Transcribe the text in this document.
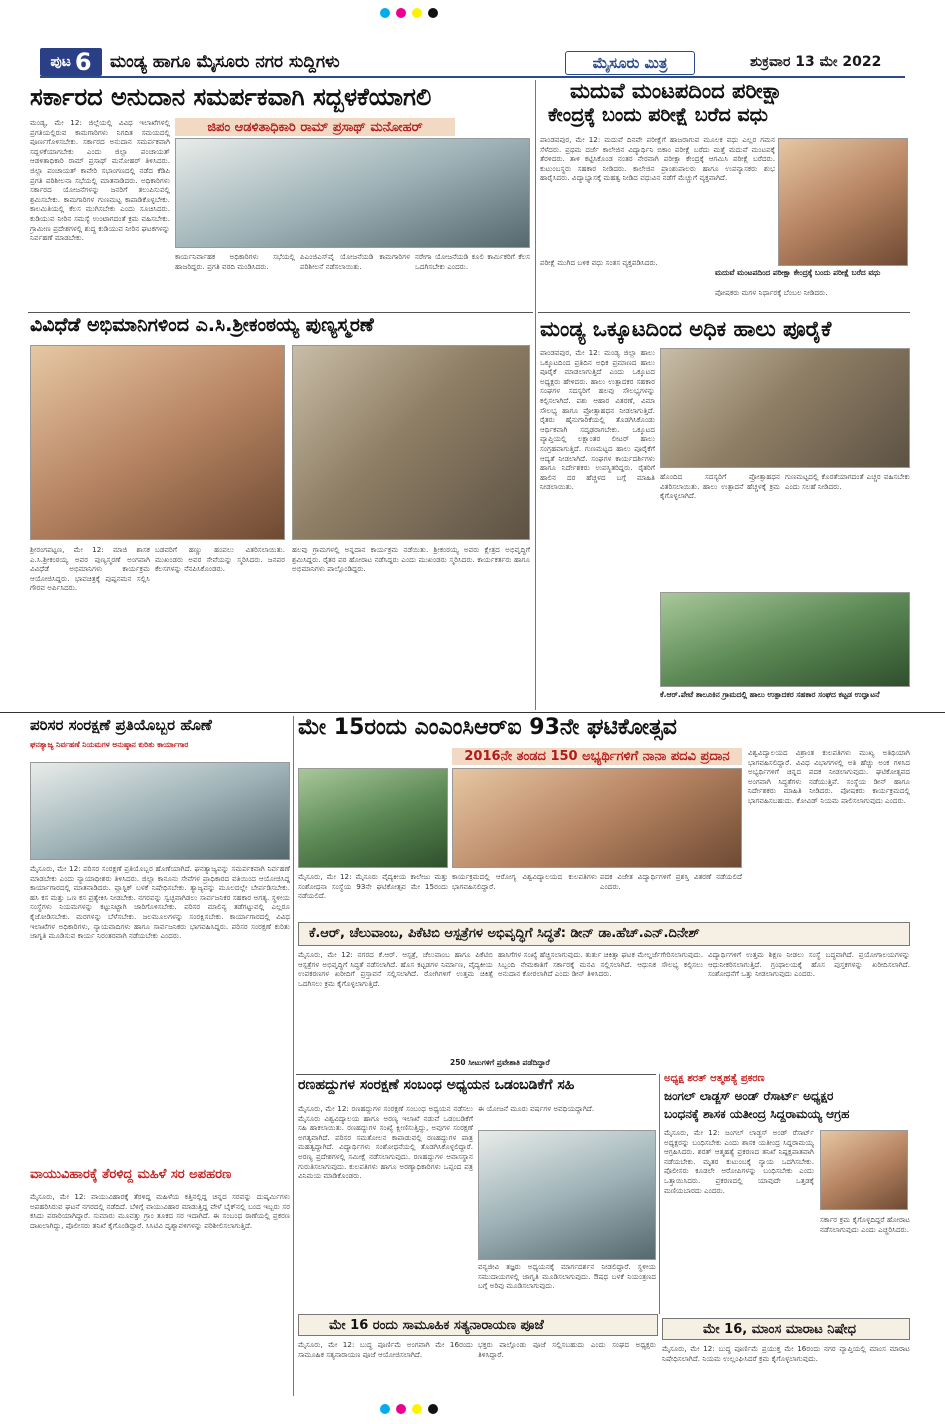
ಪುಟ 6 ಮಂಡ್ಯ ಹಾಗೂ ಮೈಸೂರು ನಗರ ಸುದ್ದಿಗಳು	ಮೈಸೂರು ಮಿತ್ರ	ಶುಕ್ರವಾರ 13 ಮೇ 2022
ಸರ್ಕಾರದ ಅನುದಾನ ಸಮರ್ಪಕವಾಗಿ ಸದ್ಬಳಕೆಯಾಗಲಿ
ಜಿಪಂ ಆಡಳಿತಾಧಿಕಾರಿ ರಾಮ್ ಪ್ರಸಾಥ್ ಮನೋಹರ್
ಮಂಡ್ಯ, ಮೇ 12: ಜಿಲ್ಲೆಯಲ್ಲಿ ವಿವಿಧ ಇಲಾಖೆಗಳಲ್ಲಿ ಪ್ರಗತಿಯಲ್ಲಿರುವ ಕಾಮಗಾರಿಗಳು ನಿಗದಿತ ಸಮಯದಲ್ಲಿ ಪೂರ್ಣಗೊಳಿಸಬೇಕು. ಸರ್ಕಾರದ ಅನುದಾನ ಸಮರ್ಪಕವಾಗಿ ಸದ್ಬಳಕೆಯಾಗಬೇಕು ಎಂದು ಜಿಲ್ಲಾ ಪಂಚಾಯತ್ ಆಡಳಿತಾಧಿಕಾರಿ ರಾಮ್ ಪ್ರಸಾಥ್ ಮನೋಹರ್ ತಿಳಿಸಿದರು. ಜಿಲ್ಲಾ ಪಂಚಾಯತ್ ಕಾವೇರಿ ಸಭಾಂಗಣದಲ್ಲಿ ನಡೆದ ಕೆಡಿಪಿ ಪ್ರಗತಿ ಪರಿಶೀಲನಾ ಸಭೆಯಲ್ಲಿ ಮಾತನಾಡಿದರು. ಅಧಿಕಾರಿಗಳು ಸರ್ಕಾರದ ಯೋಜನೆಗಳನ್ನು ಜನರಿಗೆ ತಲುಪಿಸುವಲ್ಲಿ ಶ್ರಮಿಸಬೇಕು. ಕಾಮಗಾರಿಗಳ ಗುಣಮಟ್ಟ ಕಾಪಾಡಿಕೊಳ್ಳಬೇಕು. ಕಾಲಮಿತಿಯಲ್ಲಿ ಕೆಲಸ ಮುಗಿಸಬೇಕು ಎಂದು ಸೂಚಿಸಿದರು. ಕುಡಿಯುವ ನೀರಿನ ಸಮಸ್ಯೆ ಉಂಟಾಗದಂತೆ ಕ್ರಮ ವಹಿಸಬೇಕು. ಗ್ರಾಮೀಣ ಪ್ರದೇಶಗಳಲ್ಲಿ ಶುದ್ಧ ಕುಡಿಯುವ ನೀರಿನ ಘಟಕಗಳನ್ನು ನಿರ್ವಹಣೆ ಮಾಡಬೇಕು.
ಕಾರ್ಯನಿರ್ವಾಹಕ ಅಧಿಕಾರಿಗಳು ಸಭೆಯಲ್ಲಿ ಹಾಜರಿದ್ದರು. ಪ್ರಗತಿ ವರದಿ ಮಂಡಿಸಿದರು.
ಪಿಎಂಜಿಎಸ್‌ವೈ ಯೋಜನೆಯಡಿ ಕಾಮಗಾರಿಗಳ ಪರಿಶೀಲನೆ ನಡೆಸಲಾಯಿತು.
ನರೇಗಾ ಯೋಜನೆಯಡಿ ಕೂಲಿ ಕಾರ್ಮಿಕರಿಗೆ ಕೆಲಸ ಒದಗಿಸಬೇಕು ಎಂದರು.
ಮದುವೆ ಮಂಟಪದಿಂದ ಪರೀಕ್ಷಾ
ಕೇಂದ್ರಕ್ಕೆ ಬಂದು ಪರೀಕ್ಷೆ ಬರೆದ ವಧು
ಪಾಂಡವಪುರ, ಮೇ 12: ಮದುವೆ ದಿನವೇ ಪರೀಕ್ಷೆಗೆ ಹಾಜರಾಗುವ ಮೂಲಕ ವಧು ಎಲ್ಲರ ಗಮನ ಸೆಳೆದರು. ಪ್ರಥಮ ದರ್ಜೆ ಕಾಲೇಜಿನ ವಿದ್ಯಾರ್ಥಿನಿ ಬಿಕಾಂ ಪರೀಕ್ಷೆ ಬರೆದು ಮತ್ತೆ ಮದುವೆ ಮಂಟಪಕ್ಕೆ ತೆರಳಿದರು. ತಾಳಿ ಕಟ್ಟಿಸಿಕೊಂಡ ನಂತರ ನೇರವಾಗಿ ಪರೀಕ್ಷಾ ಕೇಂದ್ರಕ್ಕೆ ಆಗಮಿಸಿ ಪರೀಕ್ಷೆ ಬರೆದರು. ಕುಟುಂಬಸ್ಥರು ಸಹಕಾರ ನೀಡಿದರು. ಕಾಲೇಜಿನ ಪ್ರಾಂಶುಪಾಲರು ಹಾಗೂ ಉಪನ್ಯಾಸಕರು ಶುಭ ಹಾರೈಸಿದರು. ವಿದ್ಯಾಭ್ಯಾಸಕ್ಕೆ ಮಹತ್ವ ನೀಡಿದ ವಧುವಿನ ನಡೆಗೆ ಮೆಚ್ಚುಗೆ ವ್ಯಕ್ತವಾಗಿದೆ.
ಮದುವೆ ಮಂಟಪದಿಂದ ಪರೀಕ್ಷಾ ಕೇಂದ್ರಕ್ಕೆ ಬಂದು ಪರೀಕ್ಷೆ ಬರೆದ ವಧು
ಪರೀಕ್ಷೆ ಮುಗಿದ ಬಳಿಕ ವಧು ಸಂತಸ ವ್ಯಕ್ತಪಡಿಸಿದರು.
ಪೋಷಕರು ಮಗಳ ನಿರ್ಧಾರಕ್ಕೆ ಬೆಂಬಲ ನೀಡಿದರು.
ಮಂಡ್ಯ ಒಕ್ಕೂಟದಿಂದ ಅಧಿಕ ಹಾಲು ಪೂರೈಕೆ
ಪಾಂಡವಪುರ, ಮೇ 12: ಮಂಡ್ಯ ಜಿಲ್ಲಾ ಹಾಲು ಒಕ್ಕೂಟದಿಂದ ಪ್ರತಿದಿನ ಅಧಿಕ ಪ್ರಮಾಣದ ಹಾಲು ಪೂರೈಕೆ ಮಾಡಲಾಗುತ್ತಿದೆ ಎಂದು ಒಕ್ಕೂಟದ ಅಧ್ಯಕ್ಷರು ಹೇಳಿದರು. ಹಾಲು ಉತ್ಪಾದಕರ ಸಹಕಾರ ಸಂಘಗಳ ಸದಸ್ಯರಿಗೆ ಹಲವು ಸೌಲಭ್ಯಗಳನ್ನು ಕಲ್ಪಿಸಲಾಗಿದೆ. ಪಶು ಆಹಾರ ವಿತರಣೆ, ವಿಮಾ ಸೌಲಭ್ಯ ಹಾಗೂ ಪ್ರೋತ್ಸಾಹಧನ ನೀಡಲಾಗುತ್ತಿದೆ. ರೈತರು ಹೈನುಗಾರಿಕೆಯಲ್ಲಿ ತೊಡಗಿಸಿಕೊಂಡು ಆರ್ಥಿಕವಾಗಿ ಸದೃಢರಾಗಬೇಕು. ಒಕ್ಕೂಟದ ವ್ಯಾಪ್ತಿಯಲ್ಲಿ ಲಕ್ಷಾಂತರ ಲೀಟರ್ ಹಾಲು ಸಂಗ್ರಹವಾಗುತ್ತಿದೆ. ಗುಣಮಟ್ಟದ ಹಾಲು ಪೂರೈಕೆಗೆ ಆದ್ಯತೆ ನೀಡಲಾಗಿದೆ. ಸಂಘಗಳ ಕಾರ್ಯದರ್ಶಿಗಳು ಹಾಗೂ ನಿರ್ದೇಶಕರು ಉಪಸ್ಥಿತರಿದ್ದರು. ರೈತರಿಗೆ ಹಾಲಿನ ದರ ಹೆಚ್ಚಳದ ಬಗ್ಗೆ ಮಾಹಿತಿ ನೀಡಲಾಯಿತು.
ಹೊಂದಿದ ಸದಸ್ಯರಿಗೆ ಪ್ರೋತ್ಸಾಹಧನ ವಿತರಿಸಲಾಯಿತು. ಹಾಲು ಉತ್ಪಾದನೆ ಹೆಚ್ಚಳಕ್ಕೆ ಕ್ರಮ ಕೈಗೊಳ್ಳಲಾಗಿದೆ.
ಗುಣಮಟ್ಟದಲ್ಲಿ ಕೊರತೆಯಾಗದಂತೆ ಎಚ್ಚರ ವಹಿಸಬೇಕು ಎಂದು ಸಲಹೆ ನೀಡಿದರು.
ಕೆ.ಆರ್.ಪೇಟೆ ತಾಲೂಕಿನ ಗ್ರಾಮದಲ್ಲಿ ಹಾಲು ಉತ್ಪಾದಕರ ಸಹಕಾರ ಸಂಘದ ಕಟ್ಟಡ ಉದ್ಘಾಟನೆ
ವಿವಿಧೆಡೆ ಅಭಿಮಾನಿಗಳಿಂದ ಎ.ಸಿ.ಶ್ರೀಕಂಠಯ್ಯ ಪುಣ್ಯಸ್ಮರಣೆ
ಶ್ರೀರಂಗಪಟ್ಟಣ, ಮೇ 12: ಮಾಜಿ ಶಾಸಕ ಎ.ಸಿ.ಶ್ರೀಕಂಠಯ್ಯ ಅವರ ಪುಣ್ಯಸ್ಮರಣೆ ಅಂಗವಾಗಿ ವಿವಿಧೆಡೆ ಅಭಿಮಾನಿಗಳು ಕಾರ್ಯಕ್ರಮ ಆಯೋಜಿಸಿದ್ದರು. ಭಾವಚಿತ್ರಕ್ಕೆ ಪುಷ್ಪನಮನ ಸಲ್ಲಿಸಿ ಗೌರವ ಅರ್ಪಿಸಿದರು.
ಬಡವರಿಗೆ ಹಣ್ಣು ಹಂಪಲು ವಿತರಿಸಲಾಯಿತು. ಮುಖಂಡರು ಅವರ ಸೇವೆಯನ್ನು ಸ್ಮರಿಸಿದರು. ಜನಪರ ಕೆಲಸಗಳನ್ನು ನೆನಪಿಸಿಕೊಂಡರು.
ಹಲವು ಗ್ರಾಮಗಳಲ್ಲಿ ಅನ್ನದಾನ ಕಾರ್ಯಕ್ರಮ ನಡೆಯಿತು. ಶ್ರೀಕಂಠಯ್ಯ ಅವರು ಕ್ಷೇತ್ರದ ಅಭಿವೃದ್ಧಿಗೆ ಶ್ರಮಿಸಿದ್ದರು. ರೈತರ ಪರ ಹೋರಾಟ ನಡೆಸಿದ್ದರು ಎಂದು ಮುಖಂಡರು ಸ್ಮರಿಸಿದರು. ಕಾರ್ಯಕರ್ತರು ಹಾಗೂ ಅಭಿಮಾನಿಗಳು ಪಾಲ್ಗೊಂಡಿದ್ದರು.
ಪರಿಸರ ಸಂರಕ್ಷಣೆ ಪ್ರತಿಯೊಬ್ಬರ ಹೊಣೆ
ಘನತ್ಯಾಜ್ಯ ನಿರ್ವಹಣೆ ನಿಯಮಗಳ ಅನುಷ್ಠಾನ ಕುರಿತು ಕಾರ್ಯಾಗಾರ
ಮೈಸೂರು, ಮೇ 12: ಪರಿಸರ ಸಂರಕ್ಷಣೆ ಪ್ರತಿಯೊಬ್ಬರ ಹೊಣೆಯಾಗಿದೆ. ಘನತ್ಯಾಜ್ಯವನ್ನು ಸಮರ್ಪಕವಾಗಿ ನಿರ್ವಹಣೆ ಮಾಡಬೇಕು ಎಂದು ನ್ಯಾಯಾಧೀಶರು ತಿಳಿಸಿದರು. ಜಿಲ್ಲಾ ಕಾನೂನು ಸೇವೆಗಳ ಪ್ರಾಧಿಕಾರದ ವತಿಯಿಂದ ಆಯೋಜಿಸಿದ್ದ ಕಾರ್ಯಾಗಾರದಲ್ಲಿ ಮಾತನಾಡಿದರು. ಪ್ಲಾಸ್ಟಿಕ್ ಬಳಕೆ ನಿಷೇಧಿಸಬೇಕು. ತ್ಯಾಜ್ಯವನ್ನು ಮೂಲದಲ್ಲೇ ಬೇರ್ಪಡಿಸಬೇಕು. ಹಸಿ ಕಸ ಮತ್ತು ಒಣ ಕಸ ಪ್ರತ್ಯೇಕಿಸಿ ನೀಡಬೇಕು. ನಗರವನ್ನು ಸ್ವಚ್ಛವಾಗಿಡಲು ಸಾರ್ವಜನಿಕರ ಸಹಕಾರ ಅಗತ್ಯ. ಸ್ಥಳೀಯ ಸಂಸ್ಥೆಗಳು ನಿಯಮಗಳನ್ನು ಕಟ್ಟುನಿಟ್ಟಾಗಿ ಜಾರಿಗೊಳಿಸಬೇಕು. ಪರಿಸರ ಮಾಲಿನ್ಯ ತಡೆಗಟ್ಟುವಲ್ಲಿ ಎಲ್ಲರೂ ಕೈಜೋಡಿಸಬೇಕು. ಮರಗಳನ್ನು ಬೆಳೆಸಬೇಕು. ಜಲಮೂಲಗಳನ್ನು ಸಂರಕ್ಷಿಸಬೇಕು. ಕಾರ್ಯಾಗಾರದಲ್ಲಿ ವಿವಿಧ ಇಲಾಖೆಗಳ ಅಧಿಕಾರಿಗಳು, ನ್ಯಾಯವಾದಿಗಳು ಹಾಗೂ ಸಾರ್ವಜನಿಕರು ಭಾಗವಹಿಸಿದ್ದರು. ಪರಿಸರ ಸಂರಕ್ಷಣೆ ಕುರಿತು ಜಾಗೃತಿ ಮೂಡಿಸುವ ಕಾರ್ಯ ನಿರಂತರವಾಗಿ ನಡೆಯಬೇಕು ಎಂದರು.
ಮೇ 15ರಂದು ಎಂಎಂಸಿಆರ್‌ಐ 93ನೇ ಘಟಿಕೋತ್ಸವ
2016ನೇ ತಂಡದ 150 ಅಭ್ಯರ್ಥಿಗಳಿಗೆ ನಾನಾ ಪದವಿ ಪ್ರದಾನ
ಮೈಸೂರು, ಮೇ 12: ಮೈಸೂರು ವೈದ್ಯಕೀಯ ಕಾಲೇಜು ಮತ್ತು ಸಂಶೋಧನಾ ಸಂಸ್ಥೆಯ 93ನೇ ಘಟಿಕೋತ್ಸವ ಮೇ 15ರಂದು ನಡೆಯಲಿದೆ.
ಕಾರ್ಯಕ್ರಮದಲ್ಲಿ ಆರೋಗ್ಯ ವಿಶ್ವವಿದ್ಯಾಲಯದ ಕುಲಪತಿಗಳು ಭಾಗವಹಿಸಲಿದ್ದಾರೆ.
ಪದಕ ವಿಜೇತ ವಿದ್ಯಾರ್ಥಿಗಳಿಗೆ ಪ್ರಶಸ್ತಿ ವಿತರಣೆ ನಡೆಯಲಿದೆ ಎಂದರು.
ವಿಶ್ವವಿದ್ಯಾಲಯದ ವಿಶ್ರಾಂತ ಕುಲಪತಿಗಳು ಮುಖ್ಯ ಅತಿಥಿಯಾಗಿ ಭಾಗವಹಿಸಲಿದ್ದಾರೆ. ವಿವಿಧ ವಿಭಾಗಗಳಲ್ಲಿ ಅತಿ ಹೆಚ್ಚು ಅಂಕ ಗಳಿಸಿದ ಅಭ್ಯರ್ಥಿಗಳಿಗೆ ಚಿನ್ನದ ಪದಕ ನೀಡಲಾಗುವುದು. ಘಟಿಕೋತ್ಸವದ ಅಂಗವಾಗಿ ಸಿದ್ಧತೆಗಳು ನಡೆಯುತ್ತಿವೆ. ಸಂಸ್ಥೆಯ ಡೀನ್ ಹಾಗೂ ನಿರ್ದೇಶಕರು ಮಾಹಿತಿ ನೀಡಿದರು. ಪೋಷಕರು ಕಾರ್ಯಕ್ರಮದಲ್ಲಿ ಭಾಗವಹಿಸಬಹುದು. ಕೋವಿಡ್ ನಿಯಮ ಪಾಲಿಸಲಾಗುವುದು ಎಂದರು.
ಕೆ.ಆರ್, ಚೆಲುವಾಂಬ, ಪಿಕೆಟಿಬಿ ಆಸ್ಪತ್ರೆಗಳ ಅಭಿವೃದ್ಧಿಗೆ ಸಿದ್ಧತೆ: ಡೀನ್ ಡಾ.ಹೆಚ್.ಎನ್.ದಿನೇಶ್
ಮೈಸೂರು, ಮೇ 12: ನಗರದ ಕೆ.ಆರ್. ಆಸ್ಪತ್ರೆ, ಚೆಲುವಾಂಬ ಹಾಗೂ ಪಿಕೆಟಿಬಿ ಆಸ್ಪತ್ರೆಗಳ ಅಭಿವೃದ್ಧಿಗೆ ಸಿದ್ಧತೆ ನಡೆಸಲಾಗಿದೆ. ಹೊಸ ಕಟ್ಟಡಗಳ ನಿರ್ಮಾಣ, ವೈದ್ಯಕೀಯ ಉಪಕರಣಗಳ ಖರೀದಿಗೆ ಪ್ರಸ್ತಾವನೆ ಸಲ್ಲಿಸಲಾಗಿದೆ. ರೋಗಿಗಳಿಗೆ ಉತ್ತಮ ಚಿಕಿತ್ಸೆ ಒದಗಿಸಲು ಕ್ರಮ ಕೈಗೊಳ್ಳಲಾಗುತ್ತಿದೆ.
ಹಾಸಿಗೆಗಳ ಸಂಖ್ಯೆ ಹೆಚ್ಚಿಸಲಾಗುವುದು. ತುರ್ತು ಚಿಕಿತ್ಸಾ ಘಟಕ ಮೇಲ್ದರ್ಜೆಗೇರಿಸಲಾಗುವುದು. ಸಿಬ್ಬಂದಿ ನೇಮಕಾತಿಗೆ ಸರ್ಕಾರಕ್ಕೆ ಮನವಿ ಸಲ್ಲಿಸಲಾಗಿದೆ. ಆಧುನಿಕ ಸೌಲಭ್ಯ ಕಲ್ಪಿಸಲು ಅನುದಾನ ಕೋರಲಾಗಿದೆ ಎಂದು ಡೀನ್ ತಿಳಿಸಿದರು.
ವಿದ್ಯಾರ್ಥಿಗಳಿಗೆ ಉತ್ತಮ ಶಿಕ್ಷಣ ನೀಡಲು ಸಂಸ್ಥೆ ಬದ್ಧವಾಗಿದೆ. ಪ್ರಯೋಗಾಲಯಗಳನ್ನು ಆಧುನೀಕರಿಸಲಾಗುತ್ತಿದೆ. ಗ್ರಂಥಾಲಯಕ್ಕೆ ಹೊಸ ಪುಸ್ತಕಗಳನ್ನು ಖರೀದಿಸಲಾಗಿದೆ. ಸಂಶೋಧನೆಗೆ ಒತ್ತು ನೀಡಲಾಗುವುದು ಎಂದರು.
250 ಸೀಟುಗಳಿಗೆ ಪ್ರವೇಶಾತಿ ಪಡೆದಿದ್ದಾರೆ
ರಣಹದ್ದುಗಳ ಸಂರಕ್ಷಣೆ ಸಂಬಂಧ ಅಧ್ಯಯನ ಒಡಂಬಡಿಕೆಗೆ ಸಹಿ
ಮೈಸೂರು, ಮೇ 12: ರಣಹದ್ದುಗಳ ಸಂರಕ್ಷಣೆ ಸಂಬಂಧ ಅಧ್ಯಯನ ನಡೆಸಲು ಮೈಸೂರು ವಿಶ್ವವಿದ್ಯಾಲಯ ಹಾಗೂ ಅರಣ್ಯ ಇಲಾಖೆ ನಡುವೆ ಒಡಂಬಡಿಕೆಗೆ ಸಹಿ ಹಾಕಲಾಯಿತು. ರಣಹದ್ದುಗಳ ಸಂಖ್ಯೆ ಕ್ಷೀಣಿಸುತ್ತಿದ್ದು, ಅವುಗಳ ಸಂರಕ್ಷಣೆ ಅಗತ್ಯವಾಗಿದೆ. ಪರಿಸರ ಸಮತೋಲನ ಕಾಪಾಡುವಲ್ಲಿ ರಣಹದ್ದುಗಳ ಪಾತ್ರ ಮಹತ್ವದ್ದಾಗಿದೆ. ವಿದ್ಯಾರ್ಥಿಗಳು ಸಂಶೋಧನೆಯಲ್ಲಿ ತೊಡಗಿಸಿಕೊಳ್ಳಲಿದ್ದಾರೆ. ಅರಣ್ಯ ಪ್ರದೇಶಗಳಲ್ಲಿ ಸಮೀಕ್ಷೆ ನಡೆಸಲಾಗುವುದು. ರಣಹದ್ದುಗಳ ಆವಾಸಸ್ಥಾನ ಗುರುತಿಸಲಾಗುವುದು. ಕುಲಪತಿಗಳು ಹಾಗೂ ಅರಣ್ಯಾಧಿಕಾರಿಗಳು ಒಪ್ಪಂದ ಪತ್ರ ವಿನಿಮಯ ಮಾಡಿಕೊಂಡರು.
ಈ ಯೋಜನೆ ಮೂರು ವರ್ಷಗಳ ಅವಧಿಯದ್ದಾಗಿದೆ.
ವನ್ಯಜೀವಿ ತಜ್ಞರು ಅಧ್ಯಯನಕ್ಕೆ ಮಾರ್ಗದರ್ಶನ ನೀಡಲಿದ್ದಾರೆ. ಸ್ಥಳೀಯ ಸಮುದಾಯಗಳಲ್ಲಿ ಜಾಗೃತಿ ಮೂಡಿಸಲಾಗುವುದು. ಔಷಧ ಬಳಕೆ ನಿಯಂತ್ರಣದ ಬಗ್ಗೆ ಅರಿವು ಮೂಡಿಸಲಾಗುವುದು.
ಅಧ್ಯಕ್ಷ ಶರತ್ ಆತ್ಮಹತ್ಯೆ ಪ್ರಕರಣ
ಜಂಗಲ್ ಲಾಡ್ಜಸ್ ಅಂಡ್ ರೆಸಾರ್ಟ್ ಅಧ್ಯಕ್ಷರ
ಬಂಧನಕ್ಕೆ ಶಾಸಕ ಯತೀಂದ್ರ ಸಿದ್ದರಾಮಯ್ಯ ಆಗ್ರಹ
ಮೈಸೂರು, ಮೇ 12: ಜಂಗಲ್ ಲಾಡ್ಜಸ್ ಅಂಡ್ ರೆಸಾರ್ಟ್ ಅಧ್ಯಕ್ಷರನ್ನು ಬಂಧಿಸಬೇಕು ಎಂದು ಶಾಸಕ ಯತೀಂದ್ರ ಸಿದ್ದರಾಮಯ್ಯ ಆಗ್ರಹಿಸಿದರು. ಶರತ್ ಆತ್ಮಹತ್ಯೆ ಪ್ರಕರಣದ ತನಿಖೆ ನಿಷ್ಪಕ್ಷಪಾತವಾಗಿ ನಡೆಯಬೇಕು. ಮೃತರ ಕುಟುಂಬಕ್ಕೆ ನ್ಯಾಯ ಒದಗಿಸಬೇಕು. ಪೊಲೀಸರು ಕೂಡಲೇ ಆರೋಪಿಗಳನ್ನು ಬಂಧಿಸಬೇಕು ಎಂದು ಒತ್ತಾಯಿಸಿದರು. ಪ್ರಕರಣದಲ್ಲಿ ಯಾವುದೇ ಒತ್ತಡಕ್ಕೆ ಮಣಿಯಬಾರದು ಎಂದರು.
ಸರ್ಕಾರ ಕ್ರಮ ಕೈಗೊಳ್ಳದಿದ್ದರೆ ಹೋರಾಟ ನಡೆಸಲಾಗುವುದು ಎಂದು ಎಚ್ಚರಿಸಿದರು.
ವಾಯುವಿಹಾರಕ್ಕೆ ತೆರಳಿದ್ದ ಮಹಿಳೆ ಸರ ಅಪಹರಣ
ಮೈಸೂರು, ಮೇ 12: ವಾಯುವಿಹಾರಕ್ಕೆ ತೆರಳಿದ್ದ ಮಹಿಳೆಯ ಕತ್ತಿನಲ್ಲಿದ್ದ ಚಿನ್ನದ ಸರವನ್ನು ದುಷ್ಕರ್ಮಿಗಳು ಅಪಹರಿಸಿರುವ ಘಟನೆ ನಗರದಲ್ಲಿ ನಡೆದಿದೆ. ಬೆಳಿಗ್ಗೆ ವಾಯುವಿಹಾರ ಮಾಡುತ್ತಿದ್ದ ವೇಳೆ ಬೈಕ್‌ನಲ್ಲಿ ಬಂದ ಇಬ್ಬರು ಸರ ಕಸಿದು ಪರಾರಿಯಾಗಿದ್ದಾರೆ. ಸುಮಾರು ಮೂವತ್ತು ಗ್ರಾಂ ತೂಕದ ಸರ ಇದಾಗಿದೆ. ಈ ಸಂಬಂಧ ಠಾಣೆಯಲ್ಲಿ ಪ್ರಕರಣ ದಾಖಲಾಗಿದ್ದು, ಪೊಲೀಸರು ತನಿಖೆ ಕೈಗೊಂಡಿದ್ದಾರೆ. ಸಿಸಿಟಿವಿ ದೃಶ್ಯಾವಳಿಗಳನ್ನು ಪರಿಶೀಲಿಸಲಾಗುತ್ತಿದೆ.
ಮೇ 16 ರಂದು ಸಾಮೂಹಿಕ ಸತ್ಯನಾರಾಯಣ ಪೂಜೆ
ಮೈಸೂರು, ಮೇ 12: ಬುದ್ಧ ಪೂರ್ಣಿಮೆ ಅಂಗವಾಗಿ ಮೇ 16ರಂದು ಸಾಮೂಹಿಕ ಸತ್ಯನಾರಾಯಣ ಪೂಜೆ ಆಯೋಜಿಸಲಾಗಿದೆ.
ಭಕ್ತರು ಪಾಲ್ಗೊಂಡು ಪೂಜೆ ಸಲ್ಲಿಸಬಹುದು ಎಂದು ಸಂಘದ ಅಧ್ಯಕ್ಷರು ತಿಳಿಸಿದ್ದಾರೆ.
ಮೇ 16, ಮಾಂಸ ಮಾರಾಟ ನಿಷೇಧ
ಮೈಸೂರು, ಮೇ 12: ಬುದ್ಧ ಪೂರ್ಣಿಮೆ ಪ್ರಯುಕ್ತ ಮೇ 16ರಂದು ನಗರ ವ್ಯಾಪ್ತಿಯಲ್ಲಿ ಮಾಂಸ ಮಾರಾಟ ನಿಷೇಧಿಸಲಾಗಿದೆ. ನಿಯಮ ಉಲ್ಲಂಘಿಸಿದರೆ ಕ್ರಮ ಕೈಗೊಳ್ಳಲಾಗುವುದು.
